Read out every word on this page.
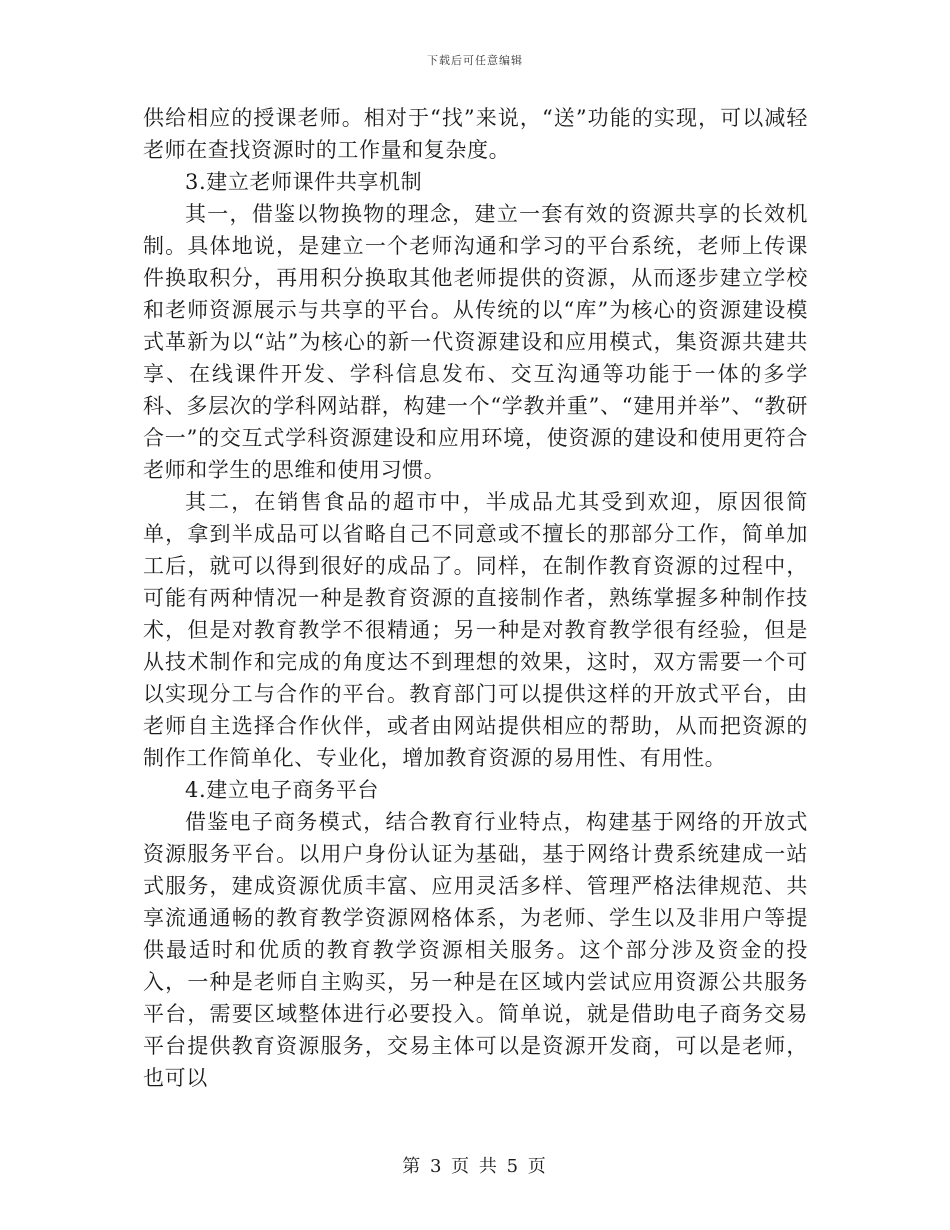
下载后可任意编辑

供给相应的授课老师。相对于“找”来说，“送”功能的实现，可以减轻老师在查找资源时的工作量和复杂度。

3.建立老师课件共享机制

其一，借鉴以物换物的理念，建立一套有效的资源共享的长效机制。具体地说，是建立一个老师沟通和学习的平台系统，老师上传课件换取积分，再用积分换取其他老师提供的资源，从而逐步建立学校和老师资源展示与共享的平台。从传统的以“库”为核心的资源建设模式革新为以“站”为核心的新一代资源建设和应用模式，集资源共建共享、在线课件开发、学科信息发布、交互沟通等功能于一体的多学科、多层次的学科网站群，构建一个“学教并重”、“建用并举”、“教研合一”的交互式学科资源建设和应用环境，使资源的建设和使用更符合老师和学生的思维和使用习惯。

其二，在销售食品的超市中，半成品尤其受到欢迎，原因很简单，拿到半成品可以省略自己不同意或不擅长的那部分工作，简单加工后，就可以得到很好的成品了。同样，在制作教育资源的过程中，可能有两种情况一种是教育资源的直接制作者，熟练掌握多种制作技术，但是对教育教学不很精通；另一种是对教育教学很有经验，但是从技术制作和完成的角度达不到理想的效果，这时，双方需要一个可以实现分工与合作的平台。教育部门可以提供这样的开放式平台，由老师自主选择合作伙伴，或者由网站提供相应的帮助，从而把资源的制作工作简单化、专业化，增加教育资源的易用性、有用性。

4.建立电子商务平台

借鉴电子商务模式，结合教育行业特点，构建基于网络的开放式资源服务平台。以用户身份认证为基础，基于网络计费系统建成一站式服务，建成资源优质丰富、应用灵活多样、管理严格法律规范、共享流通通畅的教育教学资源网格体系，为老师、学生以及非用户等提供最适时和优质的教育教学资源相关服务。这个部分涉及资金的投入，一种是老师自主购买，另一种是在区域内尝试应用资源公共服务平台，需要区域整体进行必要投入。简单说，就是借助电子商务交易平台提供教育资源服务，交易主体可以是资源开发商，可以是老师，也可以

第 3 页 共 5 页
